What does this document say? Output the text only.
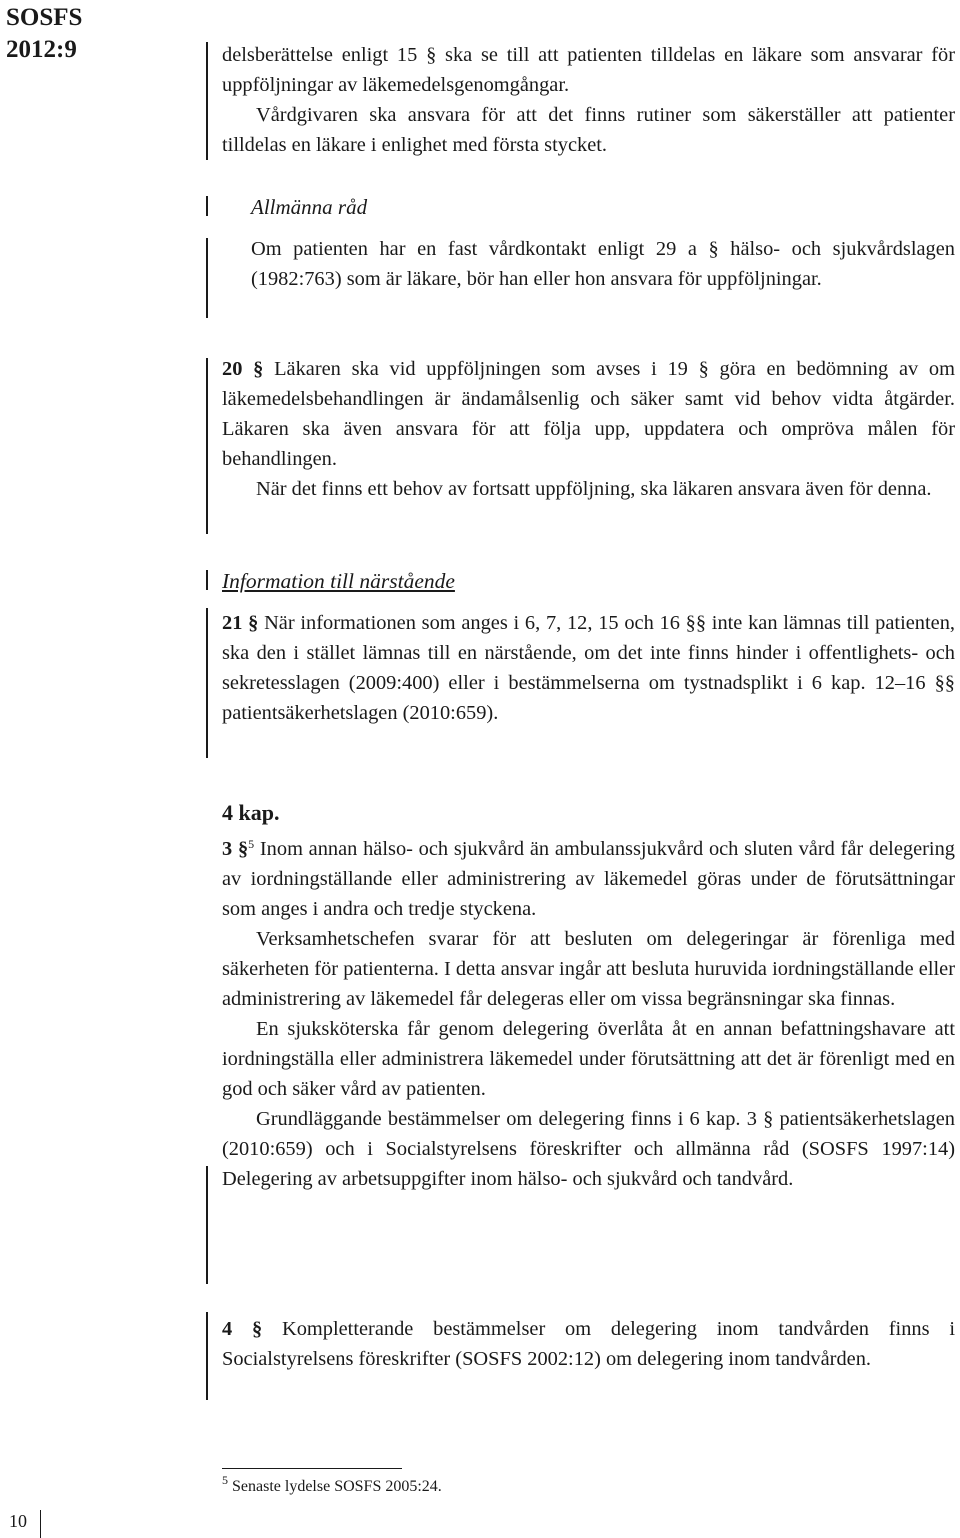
SOSFS
2012:9	delsberättelse enligt 15 § ska se till att patienten tilldelas en läkare som ansvarar för uppföljningar av läkemedelsgenomgångar.

Vårdgivaren ska ansvara för att det finns rutiner som säkerställer att patienter tilldelas en läkare i enlighet med första stycket.

Allmänna råd

Om patienten har en fast vårdkontakt enligt 29 a § hälso- och sjukvårdslagen (1982:763) som är läkare, bör han eller hon ansvara för uppföljningar.

20 § Läkaren ska vid uppföljningen som avses i 19 § göra en bedömning av om läkemedelsbehandlingen är ändamålsenlig och säker samt vid behov vidta åtgärder. Läkaren ska även ansvara för att följa upp, uppdatera och ompröva målen för behandlingen.

När det finns ett behov av fortsatt uppföljning, ska läkaren ansvara även för denna.

Information till närstående

21 § När informationen som anges i 6, 7, 12, 15 och 16 §§ inte kan lämnas till patienten, ska den i stället lämnas till en närstående, om det inte finns hinder i offentlighets- och sekretesslagen (2009:400) eller i bestämmelserna om tystnadsplikt i 6 kap. 12–16 §§ patientsäkerhetslagen (2010:659).

4 kap.

3 §$^5$ Inom annan hälso- och sjukvård än ambulanssjukvård och sluten vård får delegering av iordningställande eller administrering av läkemedel göras under de förutsättningar som anges i andra och tredje styckena.

Verksamhetschefen svarar för att besluten om delegeringar är förenliga med säkerheten för patienterna. I detta ansvar ingår att besluta huruvida iordningställande eller administrering av läkemedel får delegeras eller om vissa begränsningar ska finnas.

En sjuksköterska får genom delegering överlåta åt en annan befattningshavare att iordningställa eller administrera läkemedel under förutsättning att det är förenligt med en god och säker vård av patienten.

Grundläggande bestämmelser om delegering finns i 6 kap. 3 § patientsäkerhetslagen (2010:659) och i Socialstyrelsens föreskrifter och allmänna råd (SOSFS 1997:14) Delegering av arbetsuppgifter inom hälso- och sjukvård och tandvård.

4 § Kompletterande bestämmelser om delegering inom tandvården finns i Socialstyrelsens föreskrifter (SOSFS 2002:12) om delegering inom tandvården.

$^5$ Senaste lydelse SOSFS 2005:24.
10
